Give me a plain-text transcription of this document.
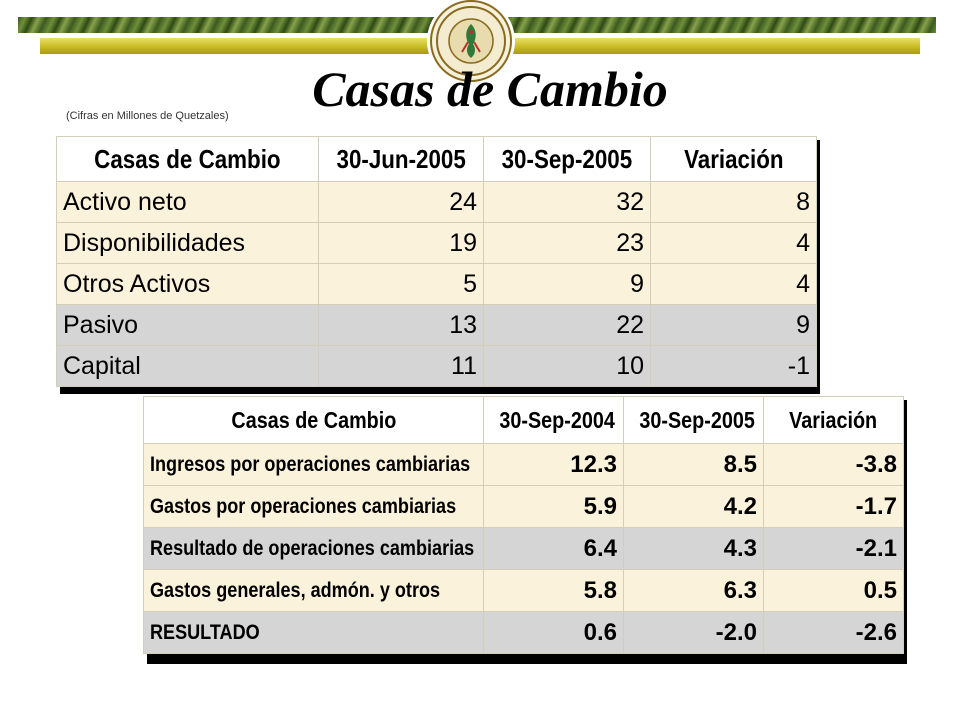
Casas de Cambio
(Cifras en Millones de Quetzales)
Casas de Cambio	30-Jun-2005	30-Sep-2005	Variación
Activo neto	24	32	8
Disponibilidades	19	23	4
Otros Activos	5	9	4
Pasivo	13	22	9
Capital	11	10	-1
Casas de Cambio	30-Sep-2004	30-Sep-2005	Variación
Ingresos por operaciones cambiarias	12.3	8.5	-3.8
Gastos por operaciones cambiarias	5.9	4.2	-1.7
Resultado de operaciones cambiarias	6.4	4.3	-2.1
Gastos generales, admón. y otros	5.8	6.3	0.5
RESULTADO	0.6	-2.0	-2.6
